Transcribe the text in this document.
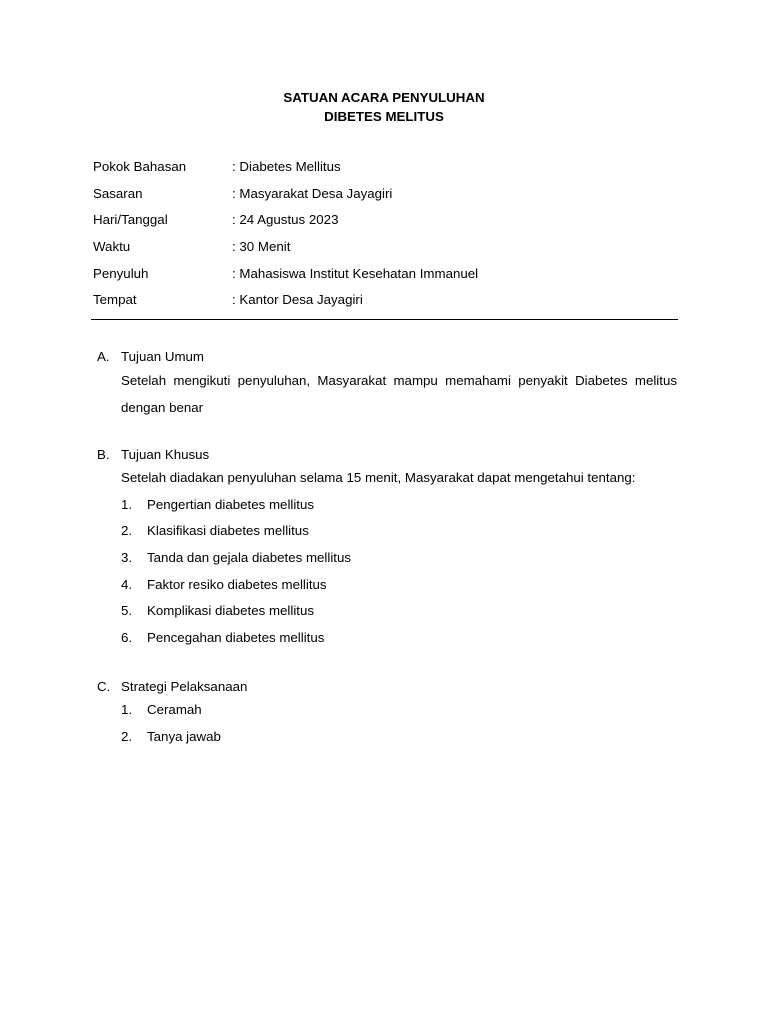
SATUAN ACARA PENYULUHAN
DIBETES MELITUS
Pokok Bahasan	: Diabetes Mellitus
Sasaran	: Masyarakat Desa Jayagiri
Hari/Tanggal	: 24 Agustus 2023
Waktu	: 30 Menit
Penyuluh	: Mahasiswa Institut Kesehatan Immanuel
Tempat	: Kantor Desa Jayagiri
A. Tujuan Umum
Setelah mengikuti penyuluhan, Masyarakat mampu memahami penyakit Diabetes melitus dengan benar
B. Tujuan Khusus
Setelah diadakan penyuluhan selama 15 menit, Masyarakat dapat mengetahui tentang:
1.	Pengertian diabetes mellitus
2.	Klasifikasi diabetes mellitus
3.	Tanda dan gejala diabetes mellitus
4.	Faktor resiko diabetes mellitus
5.	Komplikasi diabetes mellitus
6.	Pencegahan diabetes mellitus
C. Strategi Pelaksanaan
1.	Ceramah
2.	Tanya jawab
